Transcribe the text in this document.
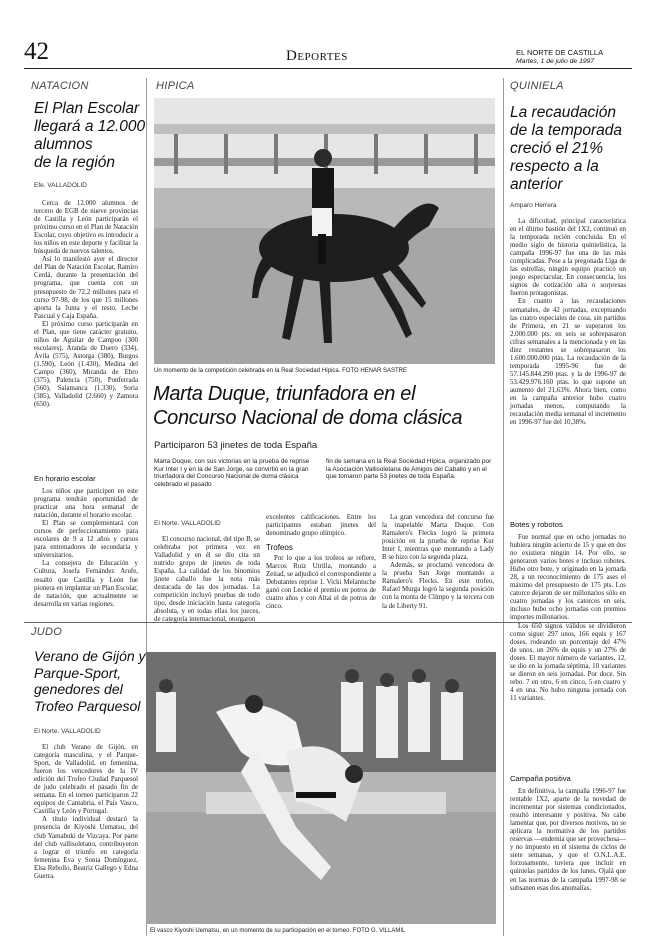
42	Deportes	EL NORTE DE CASTILLA
Martes, 1 de julio de 1997
NATACION
El Plan Escolar
llegará a 12.000
alumnos
de la región
Efe. VALLADOLID

Cerca de 12.000 alumnos de tercero de EGB de nueve provincias de Castilla y León participarán el próximo curso en el Plan de Natación Escolar, cuyo objetivo es introducir a los niños en este deporte y facilitar la búsqueda de nuevos talentos.

Así lo manifestó ayer el director del Plan de Natación Escolar, Ramiro Cerdá, durante la presentación del programa, que cuenta con un presupuesto de 72,2 millones para el curso 97-98, de los que 15 millones aporta la Junta y el resto, Leche Pascual y Caja España.

El próximo curso participarán en el Plan, que tiene carácter gratuito, niños de Aguilar de Campoo (300 escolares), Aranda de Duero (334), Ávila (575), Astorga (380), Burgos (1.590), León (1.430), Medina del Campo (360), Miranda de Ebro (375), Palencia (750), Ponferrada (560), Salamanca (1.330), Soria (385), Valladolid (2.660) y Zamora (650).

En horario escolar

Los niños que participen en este programa tendrán oportunidad de practicar una hora semanal de natación, durante el horario escolar.

El Plan se complementará con cursos de perfeccionamiento para escolares de 9 a 12 años y cursos para entrenadores de secundaria y universitarios.

La consejera de Educación y Cultura, Josefa Fernández Arufe, resaltó que Castilla y León fue pionera en implantar un Plan Escolar, de natación, que actualmente se desarrolla en varias regiones.

JUDO
Verano de Gijón y
Parque-Sport,
genedores del
Trofeo Parquesol
El Norte. VALLADOLID

El club Verano de Gijón, en categoría masculina, y el Parque-Sport, de Valladolid, en femenina, fueron los vencedores de la IV edición del Trofeo Ciudad Parquesol de judo celebrado el pasado fin de semana. En el torneo participaron 22 equipos de Cantabria, el País Vasco, Castilla y León y Portugal.

A título individual destacó la presencia de Kiyoshi Uematsu, del club Yamabuki de Vizcaya. Por parte del club vallisoletano, contribuyeron a lograr el triunfo en categoría femenina Eva y Sonia Domínguez, Elsa Rebollo, Beatriz Gallego y Edna Guerra.

HIPICA
Un momento de la competición celebrada en la Real Sociedad Hípica. FOTO HENAR SASTRE
Marta Duque, triunfadora en el
Concurso Nacional de doma clásica
Participaron 53 jinetes de toda España
Marta Duque, con sus victorias en la prueba de reprise Kur Inter I y en la de San Jorge, se convirtió en la gran triunfadora del Concurso Nacional de doma clásica celebrado el pasado
fin de semana en la Real Sociedad Hípica, organizado por la Asociación Vallisoletana de Amigos del Caballo y en el que tomaron parte 53 jinetes de toda España.
El Norte. VALLADOLID

El concurso nacional, del tipo B, se celebraba por primera vez en Valladolid y en él se dio cita un nutrido grupo de jinetes de toda España. La calidad de los binomios jinete caballo fue la nota más destacada de las dos jornadas. La competición incluyó pruebas de todo tipo, desde iniciación hasta categoría absoluta, y en todas ellas los jueces, de categoría internacional, otorgaron

excelentes calificaciones. Entre los participantes estaban jinetes del denominado grupo olímpico.

Trofeos

Por lo que a los trofeos se refiere, Marcos Ruiz Utrilla, montando a Zeitad, se adjudicó el correspondiente a Debutantes reprise 1. Vicki Melantuche ganó con Leckie el premio en potros de cuatro años y con Altai el de potros de cinco.

La gran vencedora del concurso fue la inapelable Marta Duque. Con Ramalero's Flecks logró la primera posición en la prueba de reprise Kur Inter I, mientras que montando a Lady B se hizo con la segunda plaza.

Además, se proclamó vencedora de la prueba San Jorge montando a Ramalero's Flecks. En este trofeo, Rafael Murga logró la segunda posición con la monta de Clímpo y la tercera con la de Liberty 91.

El vasco Kiyoshi Uematsu, en un momento de su participación en el torneo. FOTO G. VILLAMIL
QUINIELA
La recaudación
de la temporada
creció el 21%
respecto a la
anterior
Amparo Herrera

La dificultad, principal característica en el último bastión del 1X2, continuó en la temporada recién concluida. En el medio siglo de historia quinielística, la campaña 1996-97 fue una de las más complicadas. Pese a la pregonada Liga de las estrellas, ningún equipo practicó un juego espectacular. En consecuencia, los signos de cotización alta o sorpresas fueron protagonistas.

En cuanto a las recaudaciones semanales, de 42 jornadas, exceptuando las cuatro especiales de cosa, sin partidos de Primera, en 21 se superaron los 2.000.000 pts. en seis se sobrepasaron cifras semanales a la mencionada y en las diez restantes se sobrepasaron los 1.600.000.000 ptas. La recaudación de la temporada 1995-96 fue de 57.145.844.290 ptas. y la de 1996-97 de 53.429.976.160 ptas. lo que supone un aumento del 21,63%. Ahora bien, como en la campaña anterior hubo cuatro jornadas menos, computando la recaudación media semanal el incremento en 1996-97 fue del 10,38%.

Botes y robotos

Fue normal que en ocho jornadas no hubiera ningún acierto de 15 y que en dos no existiera ningún 14. Por ello, se generaron varios botes e incluso robotes. Hubo otro bote, y originado en la jornada 28, a un reconocimiento de 175 ases el máximo del presupuesto de 175 pts. Los catorce dejaron de ser millonarios sólo en cuatro jornadas y los catorces en seis, incluso hubo ocho jornadas con premios importes millonarios.

Los 650 signos válidos se dividieron como sigue: 297 unos, 166 equis y 167 doses, rodeando un porcentaje del 47% de unos, un 26% de equis y un 27% de doses. El mayor número de variantes, 12, se dio en la jornada séptima, 10 variantes se dieron en seis jornadas. Por doce. Sin rebo. 7 en otro, 6 en cinco, 5 en cuatro y 4 en una. No hubo ninguna jornada con 11 variantes.

Campaña positiva

En definitiva, la campaña 1996-97 fue rentable 1X2, aparte de la novedad de incrementar por sistemas condicionados, resultó interesante y positiva. No cabe lamentar que, por diversos motivos, no se aplicara la normativa de los partidos reservas —endemia que ser provechosa— y no impuesto en el sistema de ciclos de siete semanas, y que el O.N.L.A.E. forzosamente, tuviera que incluir en quinielas partidos de los lunes. Ojalá que en las normas de la campaña 1997-98 se subsanen esas dos anomalías.
